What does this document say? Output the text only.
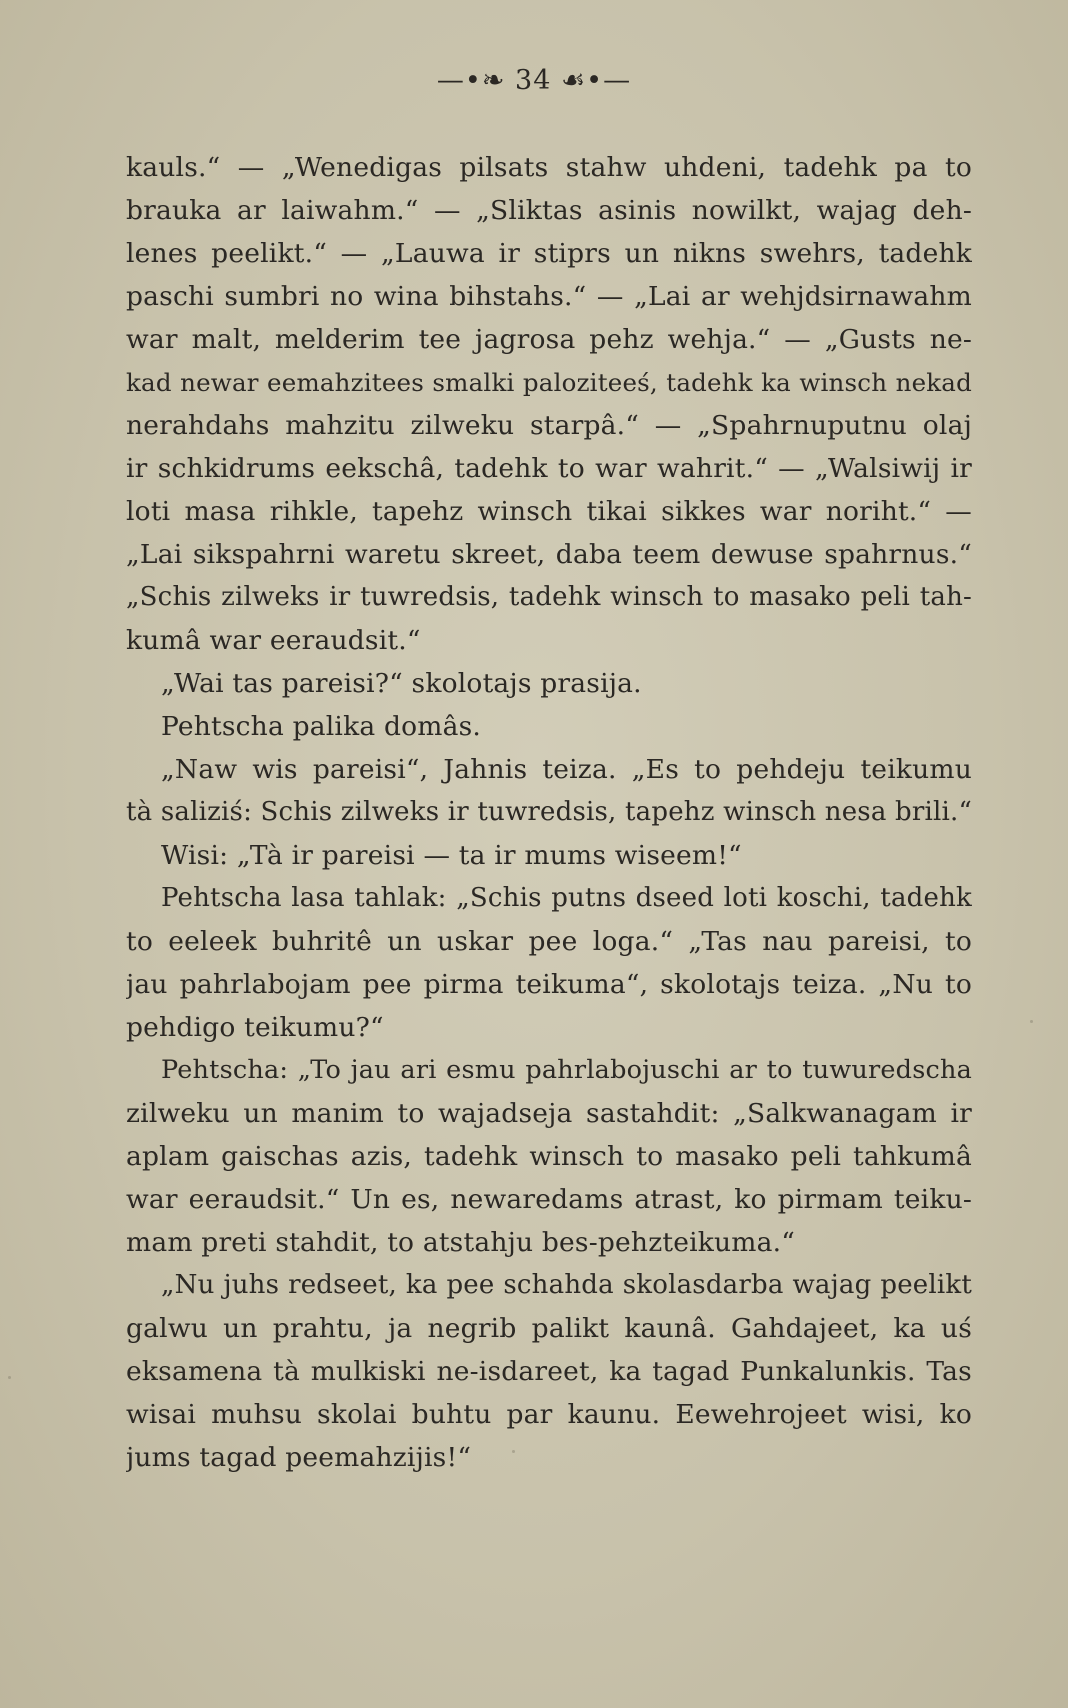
—•❧ 34 ☙•—
kauls.“ — „Wenedigas pilsats stahw uhdeni, tadehk pa to
brauka ar laiwahm.“ — „Sliktas asinis nowilkt, wajag deh‐
lenes peelikt.“ — „Lauwa ir stiprs un nikns swehrs, tadehk
paschi sumbri no wina bihstahs.“ — „Lai ar wehjdsirnawahm
war malt, melderim tee jagrosa pehz wehja.“ — „Gusts ne‐
kad newar eemahzitees smalki paloziteeś, tadehk ka winsch nekad
nerahdahs mahzitu zilweku starpâ.“ — „Spahrnuputnu olaj
ir schkidrums eekschâ, tadehk to war wahrit.“ — „Walsiwij ir
loti masa rihkle, tapehz winsch tikai sikkes war noriht.“ —
„Lai sikspahrni waretu skreet, daba teem dewuse spahrnus.“
„Schis zilweks ir tuwredsis, tadehk winsch to masako peli tah‐
kumâ war eeraudsit.“
„Wai tas pareisi?“ skolotajs prasija.
Pehtscha palika domâs.
„Naw wis pareisi“, Jahnis teiza. „Es to pehdeju teikumu
tà saliziś: Schis zilweks ir tuwredsis, tapehz winsch nesa brili.“
Wisi: „Tà ir pareisi — ta ir mums wiseem!“
Pehtscha lasa tahlak: „Schis putns dseed loti koschi, tadehk
to eeleek buhritê un uskar pee loga.“ „Tas nau pareisi, to
jau pahrlabojam pee pirma teikuma“, skolotajs teiza. „Nu to
pehdigo teikumu?“
Pehtscha: „To jau ari esmu pahrlabojuschi ar to tuwuredscha
zilweku un manim to wajadseja sastahdit: „Salkwanagam ir
aplam gaischas azis, tadehk winsch to masako peli tahkumâ
war eeraudsit.“ Un es, newaredams atrast, ko pirmam teiku‐
mam preti stahdit, to atstahju bes‐pehzteikuma.“
„Nu juhs redseet, ka pee schahda skolasdarba wajag peelikt
galwu un prahtu, ja negrib palikt kaunâ. Gahdajeet, ka uś
eksamena tà mulkiski ne‐isdareet, ka tagad Punkalunkis. Tas
wisai muhsu skolai buhtu par kaunu. Eewehrojeet wisi, ko
jums tagad peemahzijis!“
